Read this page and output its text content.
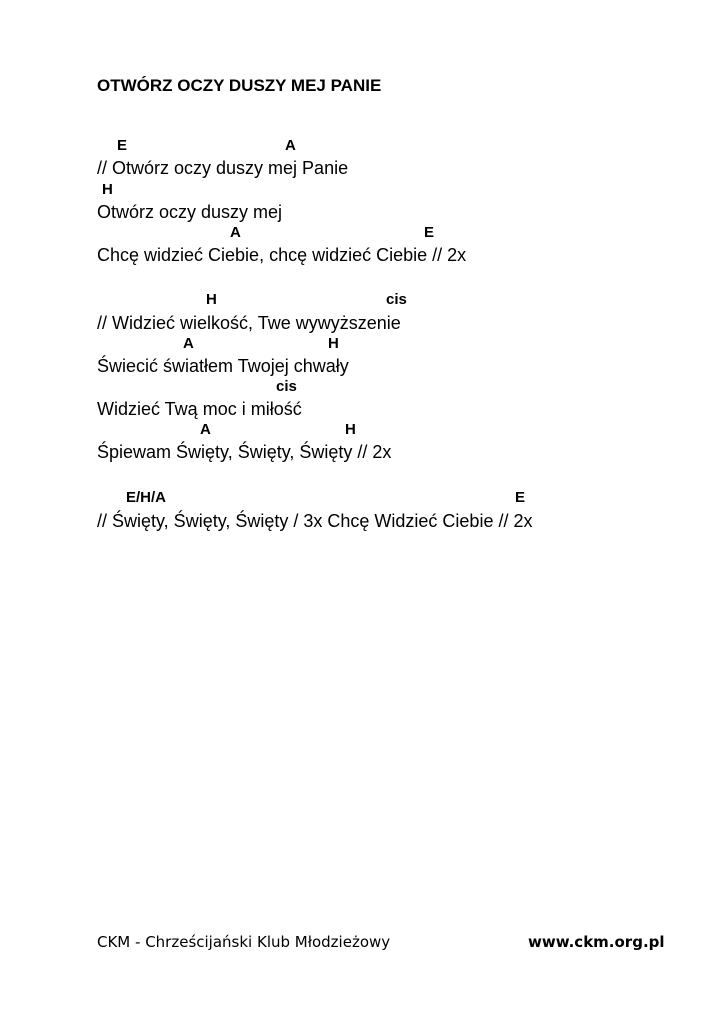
OTWÓRZ OCZY DUSZY MEJ PANIE
E	A
// Otwórz oczy duszy mej Panie
H
Otwórz oczy duszy mej
A	E
Chcę widzieć Ciebie, chcę widzieć Ciebie // 2x
H	cis
// Widzieć wielkość, Twe wywyższenie
A	H
Świecić światłem Twojej chwały
cis
Widzieć Twą moc i miłość
A	H
Śpiewam Święty, Święty, Święty // 2x
E/H/A	E
// Święty, Święty, Święty / 3x Chcę Widzieć Ciebie // 2x
CKM - Chrześcijański Klub Młodzieżowy	www.ckm.org.pl
